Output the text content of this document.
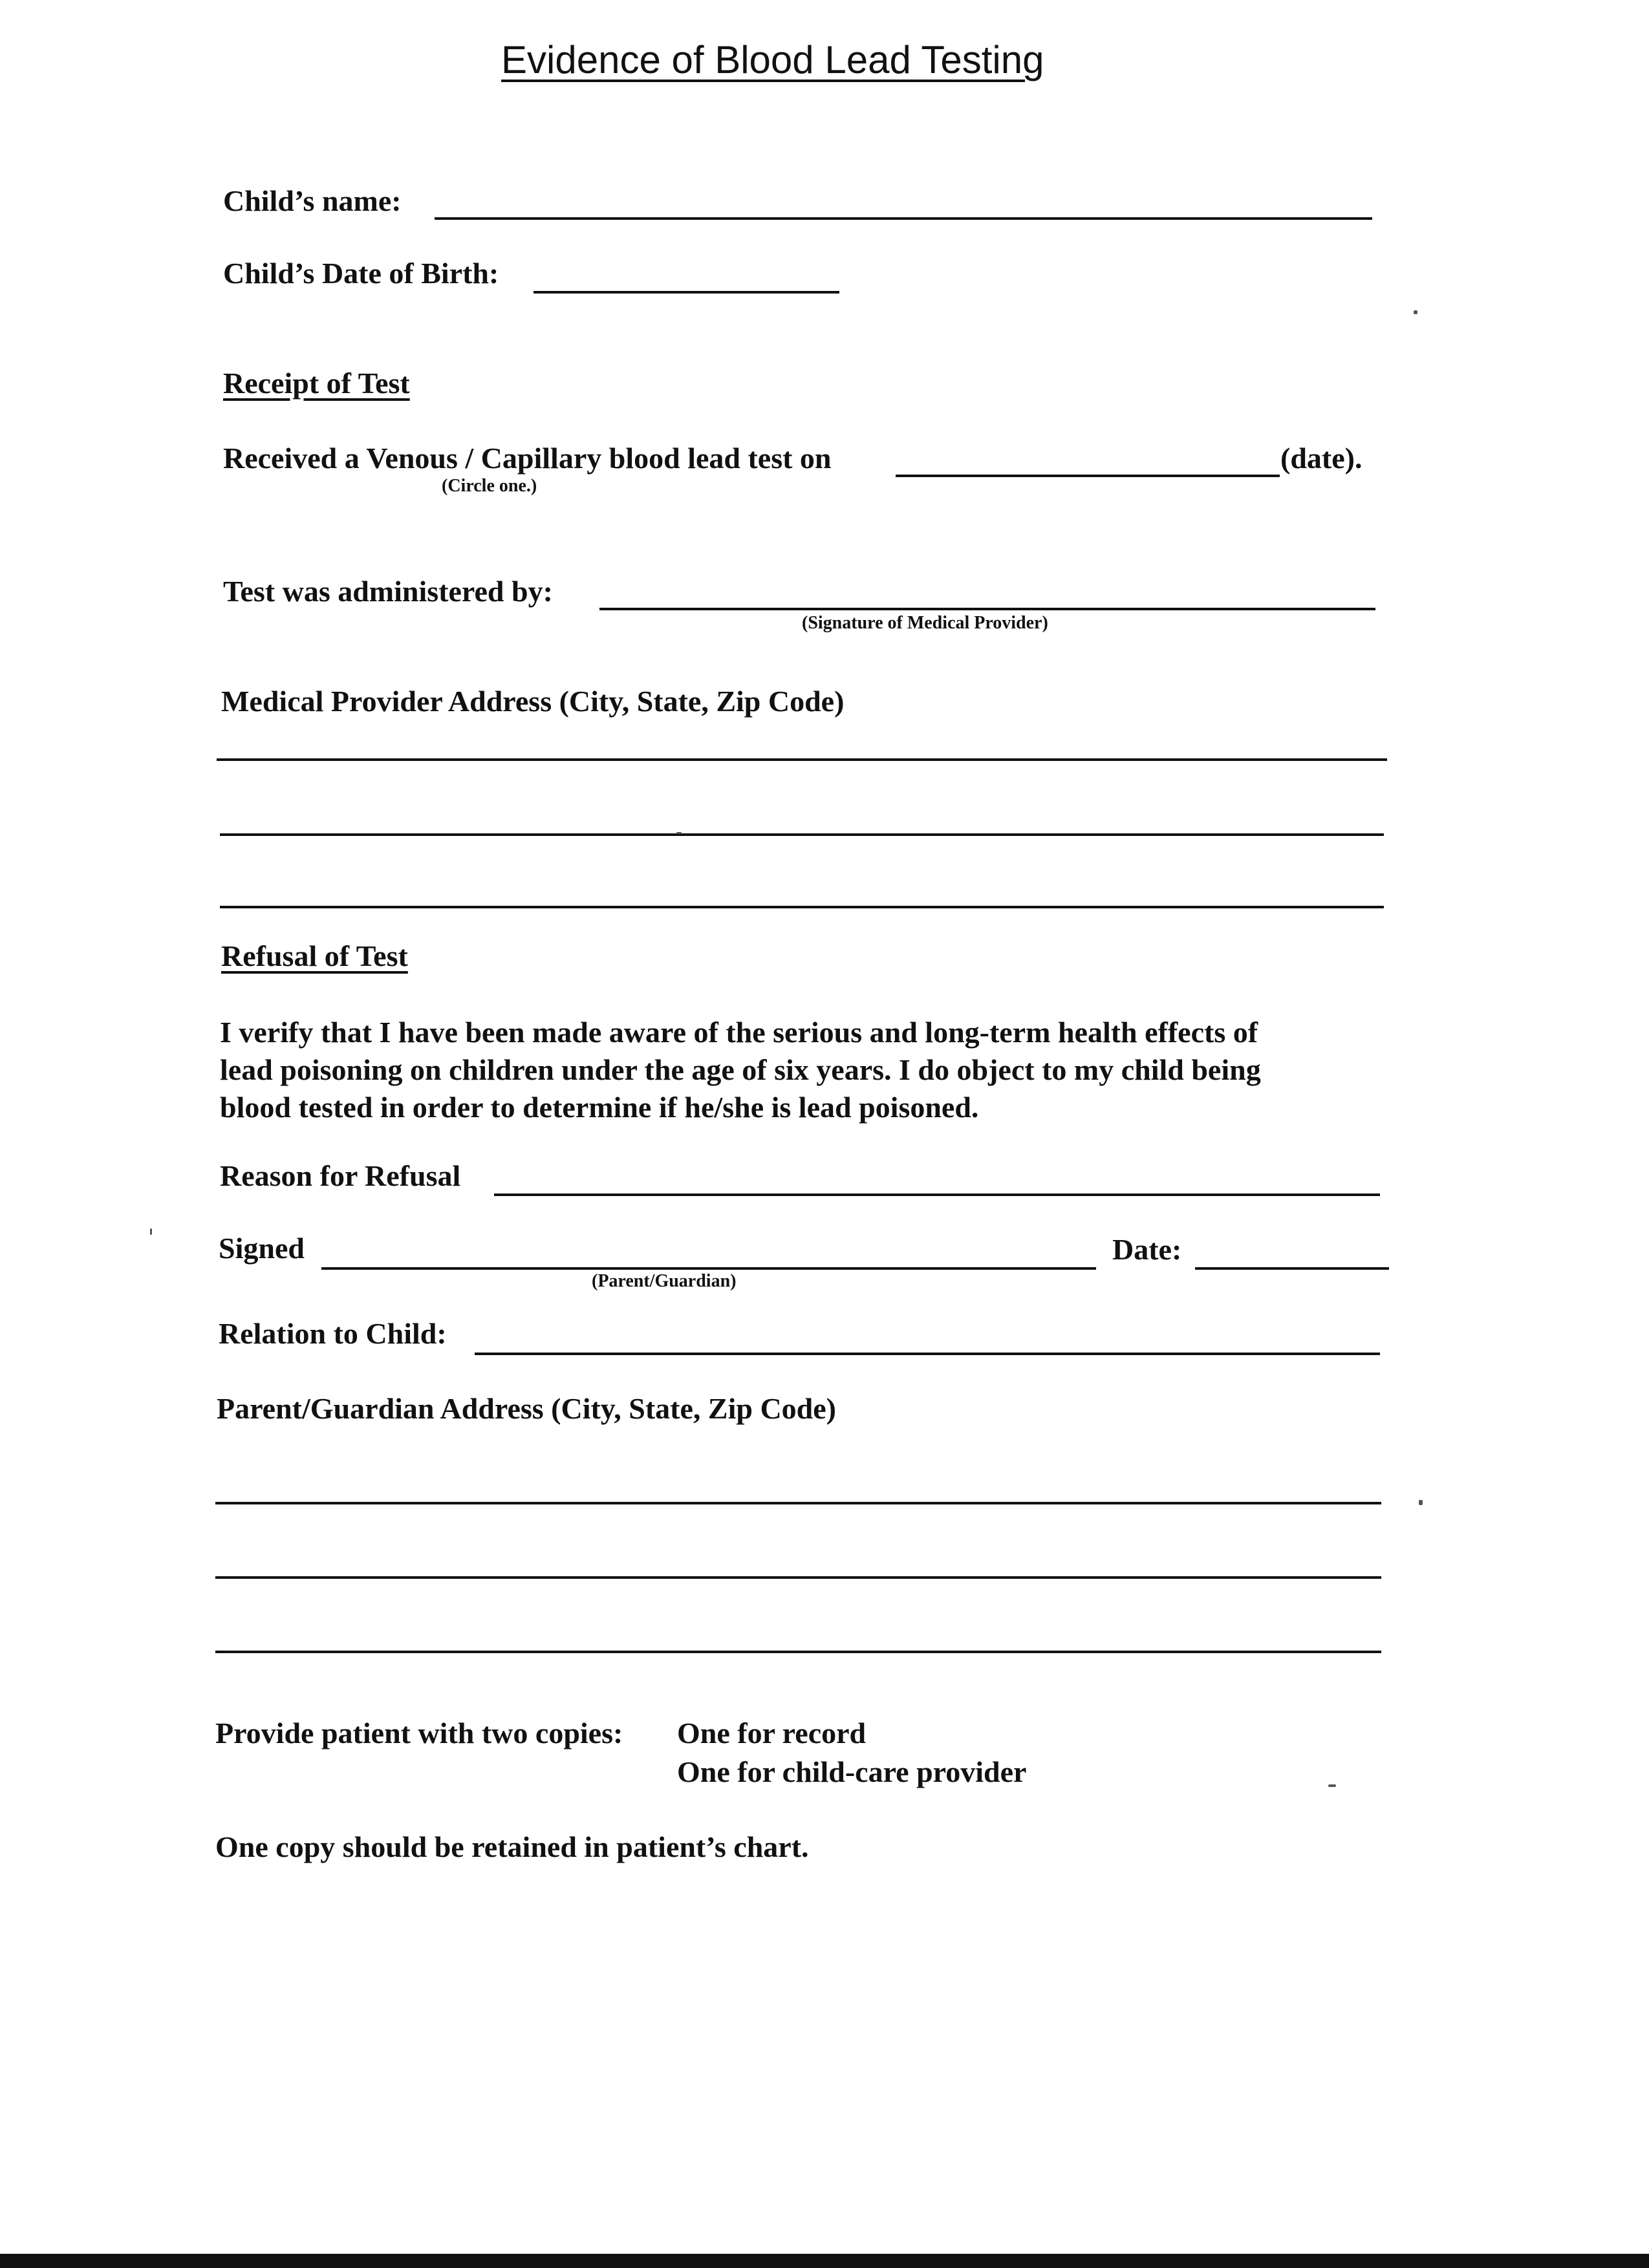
Evidence of Blood Lead Testing
Child’s name:
Child’s Date of Birth:
Receipt of Test
Received a Venous / Capillary blood lead test on	(date).
(Circle one.)
Test was administered by:
(Signature of Medical Provider)
Medical Provider Address (City, State, Zip Code)
Refusal of Test
I verify that I have been made aware of the serious and long-term health effects of
lead poisoning on children under the age of six years. I do object to my child being
blood tested in order to determine if he/she is lead poisoned.
Reason for Refusal
Signed
(Parent/Guardian)
Date:
Relation to Child:
Parent/Guardian Address (City, State, Zip Code)
Provide patient with two copies: One for record
One for child-care provider
One copy should be retained in patient’s chart.
